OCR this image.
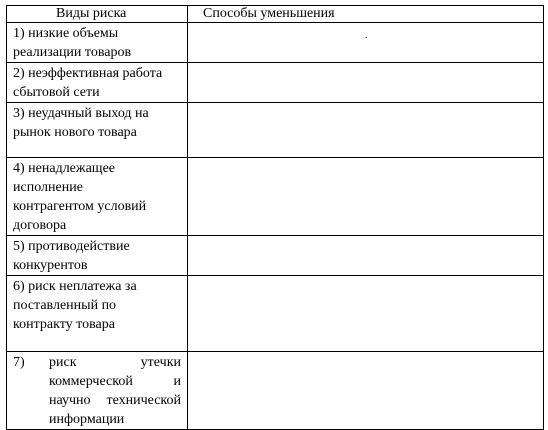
Виды риска	Способы уменьшения

1) низкие объемы
реализации товаров	

2) неэффективная работа
сбытовой сети	

3) неудачный выход на
рынок нового товара	

4) ненадлежащее
исполнение
контрагентом условий
договора	

5) противодействие
конкурентов	

6) риск неплатежа за
поставленный по
контракту товара	

7) риск утечки
коммерческой и
научно технической
информации	

.
